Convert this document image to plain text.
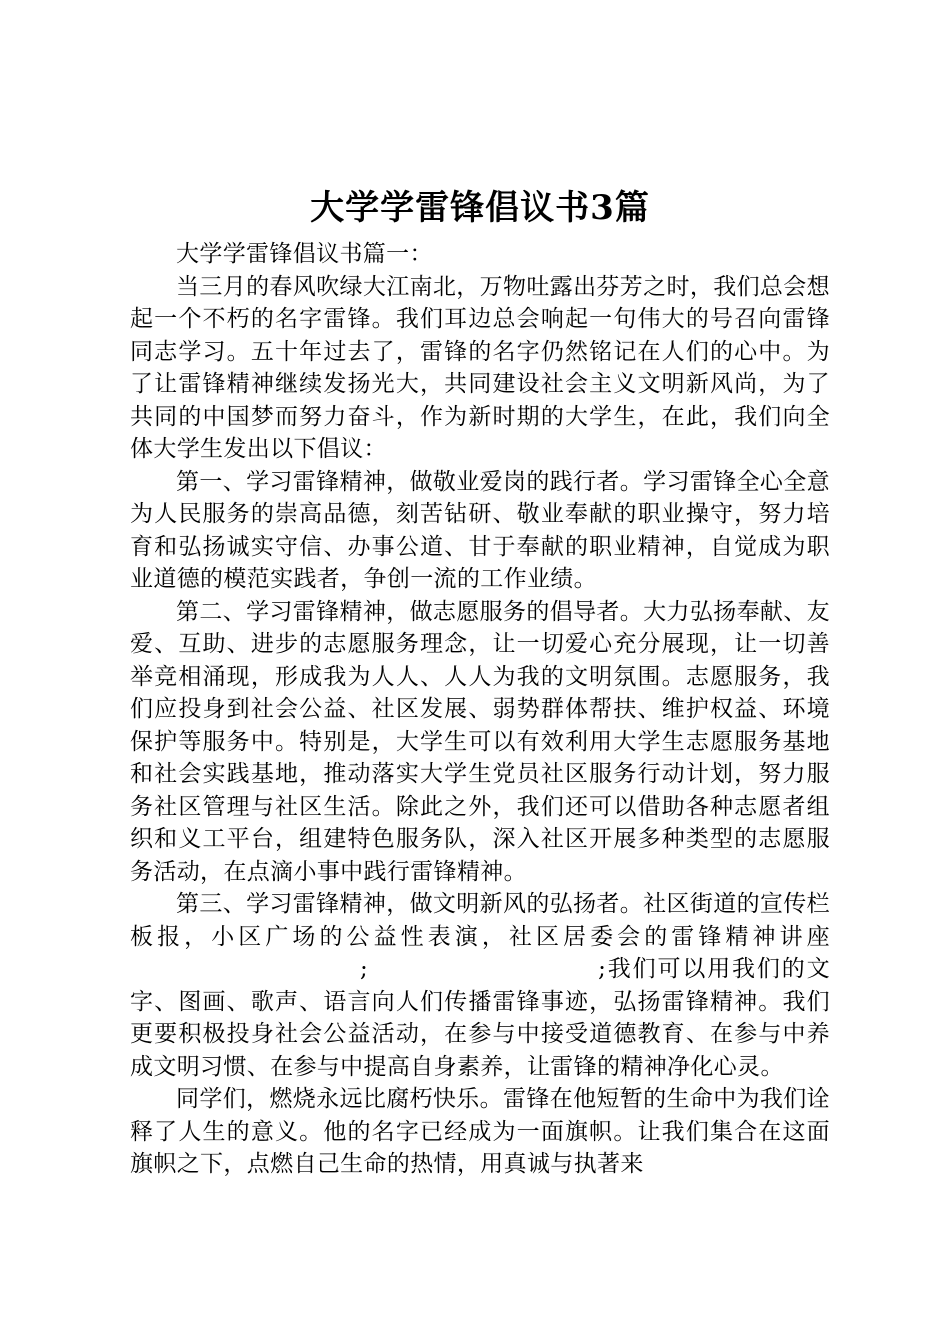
大学学雷锋倡议书3篇

大学学雷锋倡议书篇一：

当三月的春风吹绿大江南北，万物吐露出芬芳之时，我们总会想起一个不朽的名字雷锋。我们耳边总会响起一句伟大的号召向雷锋同志学习。五十年过去了，雷锋的名字仍然铭记在人们的心中。为了让雷锋精神继续发扬光大，共同建设社会主义文明新风尚，为了共同的中国梦而努力奋斗，作为新时期的大学生，在此，我们向全体大学生发出以下倡议：

第一、学习雷锋精神，做敬业爱岗的践行者。学习雷锋全心全意为人民服务的崇高品德，刻苦钻研、敬业奉献的职业操守，努力培育和弘扬诚实守信、办事公道、甘于奉献的职业精神，自觉成为职业道德的模范实践者，争创一流的工作业绩。

第二、学习雷锋精神，做志愿服务的倡导者。大力弘扬奉献、友爱、互助、进步的志愿服务理念，让一切爱心充分展现，让一切善举竞相涌现，形成我为人人、人人为我的文明氛围。志愿服务，我们应投身到社会公益、社区发展、弱势群体帮扶、维护权益、环境保护等服务中。特别是，大学生可以有效利用大学生志愿服务基地和社会实践基地，推动落实大学生党员社区服务行动计划，努力服务社区管理与社区生活。除此之外，我们还可以借助各种志愿者组织和义工平台，组建特色服务队，深入社区开展多种类型的志愿服务活动，在点滴小事中践行雷锋精神。

第三、学习雷锋精神，做文明新风的弘扬者。社区街道的宣传栏板报，小区广场的公益性表演，社区居委会的雷锋精神讲座;	;我们可以用我们的文字、图画、歌声、语言向人们传播雷锋事迹，弘扬雷锋精神。我们更要积极投身社会公益活动，在参与中接受道德教育、在参与中养成文明习惯、在参与中提高自身素养，让雷锋的精神净化心灵。

同学们，燃烧永远比腐朽快乐。雷锋在他短暂的生命中为我们诠释了人生的意义。他的名字已经成为一面旗帜。让我们集合在这面旗帜之下，点燃自己生命的热情，用真诚与执著来
